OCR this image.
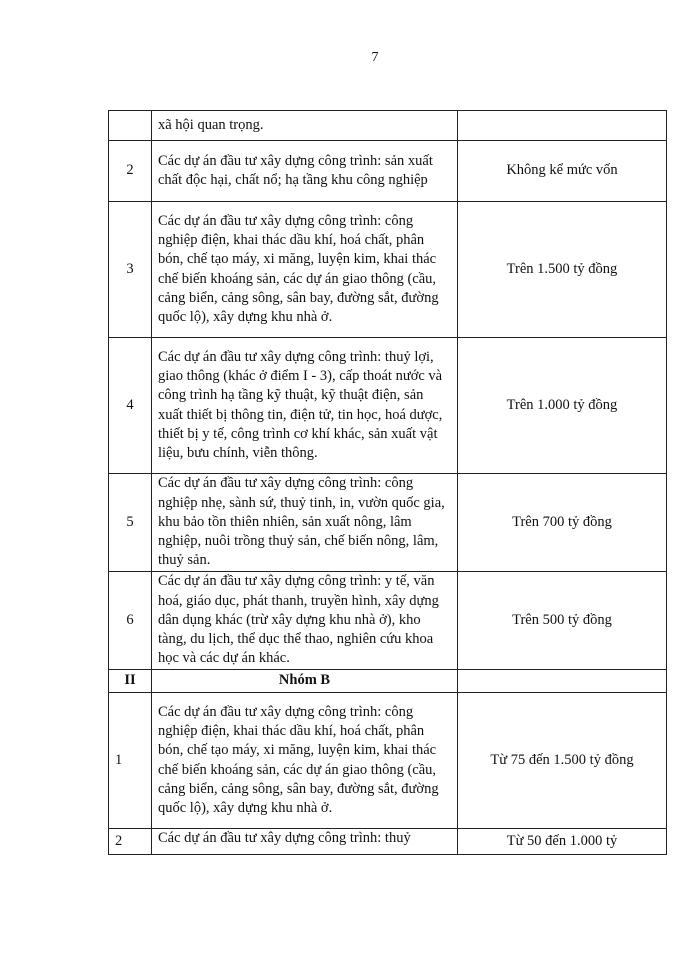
7
	xã hội quan trọng.	
2	Các dự án đầu tư xây dựng công trình: sản xuất chất độc hại, chất nổ; hạ tầng khu công nghiệp	Không kể mức vốn
3	Các dự án đầu tư xây dựng công trình: công nghiệp điện, khai thác dầu khí, hoá chất, phân bón, chế tạo máy, xi măng, luyện kim, khai thác chế biến khoáng sản, các dự án giao thông (cầu, cảng biển, cảng sông, sân bay, đường sắt, đường quốc lộ), xây dựng khu nhà ở.	Trên 1.500 tỷ đồng
4	Các dự án đầu tư xây dựng công trình: thuỷ lợi, giao thông (khác ở điểm I - 3), cấp thoát nước và công trình hạ tầng kỹ thuật, kỹ thuật điện, sản xuất thiết bị thông tin, điện tử, tin học, hoá dược, thiết bị y tế, công trình cơ khí khác, sản xuất vật liệu, bưu chính, viễn thông.	Trên 1.000 tỷ đồng
5	Các dự án đầu tư xây dựng công trình: công nghiệp nhẹ, sành sứ, thuỷ tinh, in, vườn quốc gia, khu bảo tồn thiên nhiên, sản xuất nông, lâm nghiệp, nuôi trồng thuỷ sản, chế biến nông, lâm, thuỷ sản.	Trên 700 tỷ đồng
6	Các dự án đầu tư xây dựng công trình: y tế, văn hoá, giáo dục, phát thanh, truyền hình, xây dựng dân dụng khác (trừ xây dựng khu nhà ở), kho tàng, du lịch, thể dục thể thao, nghiên cứu khoa học và các dự án khác.	Trên 500 tỷ đồng
II	Nhóm B	
1	Các dự án đầu tư xây dựng công trình: công nghiệp điện, khai thác dầu khí, hoá chất, phân bón, chế tạo máy, xi măng, luyện kim, khai thác chế biến khoáng sản, các dự án giao thông (cầu, cảng biển, cảng sông, sân bay, đường sắt, đường quốc lộ), xây dựng khu nhà ở.	Từ 75 đến 1.500 tỷ đồng
2	Các dự án đầu tư xây dựng công trình: thuỷ	Từ 50 đến 1.000 tỷ
